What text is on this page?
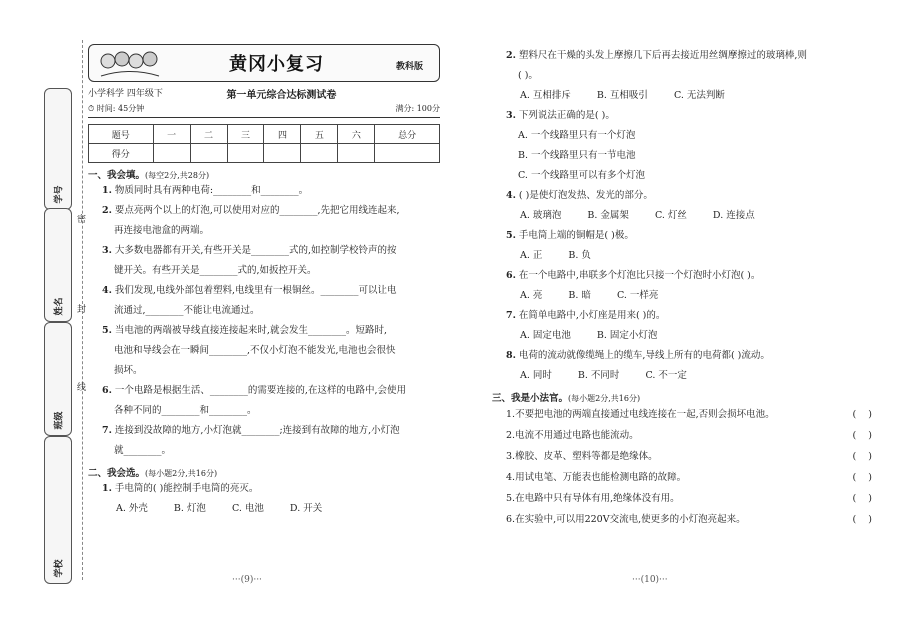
学号
姓名
班级
学校
密
封
线
黄冈小复习	教科版
小学科学 四年级下	第一单元综合达标测试卷
⏱ 时间: 45分钟	满分: 100分
题号	一	二	三	四	五	六	总分
得分							
一、我会填。(每空2分,共28分)
1. 物质同时具有两种电荷:________和________。
2. 要点亮两个以上的灯泡,可以使用对应的________,先把它用线连起来,
再连接电池盒的两端。
3. 大多数电器都有开关,有些开关是________式的,如控制学校铃声的按
键开关。有些开关是________式的,如扳控开关。
4. 我们发现,电线外部包着塑料,电线里有一根铜丝。________可以让电
流通过,________不能让电流通过。
5. 当电池的两端被导线直接连接起来时,就会发生________。短路时,
电池和导线会在一瞬间________,不仅小灯泡不能发光,电池也会很快
损坏。
6. 一个电路是根据生活、________的需要连接的,在这样的电路中,会使用
各种不同的________和________。
7. 连接到没故障的地方,小灯泡就________;连接到有故障的地方,小灯泡
就________。
二、我会选。(每小题2分,共16分)
1. 手电筒的( )能控制手电筒的亮灭。
A. 外壳	B. 灯泡	C. 电池	D. 开关
2. 塑料尺在干燥的头发上摩擦几下后再去接近用丝绸摩擦过的玻璃棒,则
( )。
A. 互相排斥	B. 互相吸引	C. 无法判断
3. 下列说法正确的是( )。
A. 一个线路里只有一个灯泡
B. 一个线路里只有一节电池
C. 一个线路里可以有多个灯泡
4. ( )是使灯泡发热、发光的部分。
A. 玻璃泡	B. 金属架	C. 灯丝	D. 连接点
5. 手电筒上端的铜帽是( )极。
A. 正	B. 负
6. 在一个电路中,串联多个灯泡比只接一个灯泡时小灯泡( )。
A. 亮	B. 暗	C. 一样亮
7. 在简单电路中,小灯座是用来( )的。
A. 固定电池	B. 固定小灯泡
8. 电荷的流动就像缆绳上的缆车,导线上所有的电荷都( )流动。
A. 同时	B. 不同时	C. 不一定
三、我是小法官。(每小题2分,共16分)
1.不要把电池的两端直接通过电线连接在一起,否则会损坏电池。	(    )
2.电流不用通过电路也能流动。	(    )
3.橡胶、皮革、塑料等都是绝缘体。	(    )
4.用试电笔、万能表也能检测电路的故障。	(    )
5.在电路中只有导体有用,绝缘体没有用。	(    )
6.在实验中,可以用220V交流电,使更多的小灯泡亮起来。	(    )
···(9)···	···(10)···
